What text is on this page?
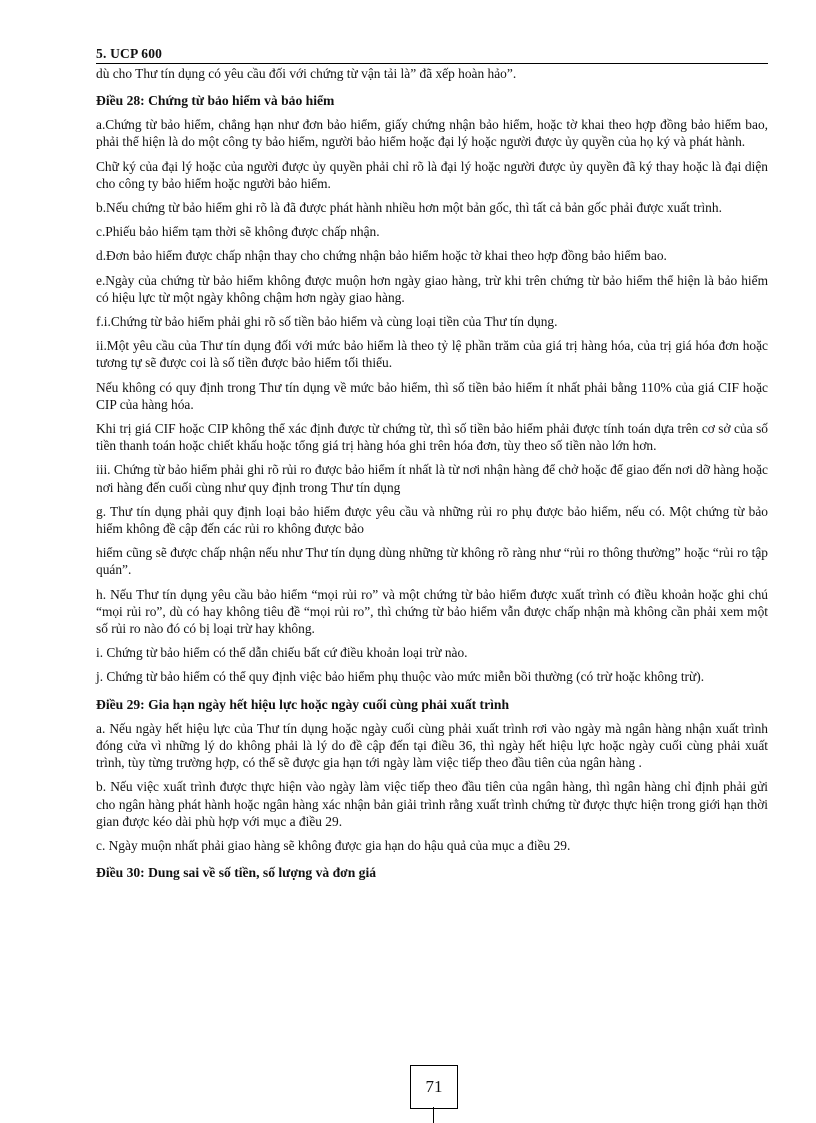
5. UCP 600

dù cho Thư tín dụng có yêu cầu đối với chứng từ vận tải là” đã xếp hoàn hảo”.

Điều 28: Chứng từ bảo hiểm và bảo hiểm

a.Chứng từ bảo hiểm, chẳng hạn như đơn bảo hiểm, giấy chứng nhận bảo hiểm, hoặc tờ khai theo hợp đồng bảo hiểm bao, phải thể hiện là do một công ty bảo hiểm, người bảo hiểm hoặc đại lý hoặc người được ủy quyền của họ ký và phát hành.

Chữ ký của đại lý hoặc của người được ủy quyền phải chỉ rõ là đại lý hoặc người được ủy quyền đã ký thay hoặc là đại diện cho công ty bảo hiểm hoặc người bảo hiểm.

b.Nếu chứng từ bảo hiểm ghi rõ là đã được phát hành nhiều hơn một bản gốc, thì tất cả bản gốc phải được xuất trình.

c.Phiếu bảo hiểm tạm thời sẽ không được chấp nhận.

d.Đơn bảo hiểm được chấp nhận thay cho chứng nhận bảo hiểm hoặc tờ khai theo hợp đồng bảo hiểm bao.

e.Ngày của chứng từ bảo hiểm không được muộn hơn ngày giao hàng, trừ khi trên chứng từ bảo hiểm thể hiện là bảo hiểm có hiệu lực từ một ngày không chậm hơn ngày giao hàng.

f.i.Chứng từ bảo hiểm phải ghi rõ số tiền bảo hiểm và cùng loại tiền của Thư tín dụng.

ii.Một yêu cầu của Thư tín dụng đối với mức bảo hiểm là theo tỷ lệ phần trăm của giá trị hàng hóa, của trị giá hóa đơn hoặc tương tự sẽ được coi là số tiền được bảo hiểm tối thiểu.

Nếu không có quy định trong Thư tín dụng về mức bảo hiểm, thì số tiền bảo hiểm ít nhất phải bằng 110% của giá CIF hoặc CIP của hàng hóa.

Khi trị giá CIF hoặc CIP không thể xác định được từ chứng từ, thì số tiền bảo hiểm phải được tính toán dựa trên cơ sở của số tiền thanh toán hoặc chiết khấu hoặc tổng giá trị hàng hóa ghi trên hóa đơn, tùy theo số tiền nào lớn hơn.

iii. Chứng từ bảo hiểm phải ghi rõ rủi ro được bảo hiểm ít nhất là từ nơi nhận hàng để chở hoặc để giao đến nơi dỡ hàng hoặc nơi hàng đến cuối cùng như quy định trong Thư tín dụng

g. Thư tín dụng phải quy định loại bảo hiểm được yêu cầu và những rủi ro phụ được bảo hiểm, nếu có. Một chứng từ bảo hiểm không đề cập đến các rủi ro không được bảo

hiểm cũng sẽ được chấp nhận nếu như Thư tín dụng dùng những từ không rõ ràng như “rủi ro thông thường” hoặc “rủi ro tập quán”.

h. Nếu Thư tín dụng yêu cầu bảo hiểm “mọi rủi ro” và một chứng từ bảo hiểm được xuất trình có điều khoản hoặc ghi chú “mọi rủi ro”, dù có hay không tiêu đề “mọi rủi ro”, thì chứng từ bảo hiểm vẫn được chấp nhận mà không cần phải xem một số rủi ro nào đó có bị loại trừ hay không.

i. Chứng từ bảo hiểm có thể dẫn chiếu bất cứ điều khoản loại trừ nào.

j. Chứng từ bảo hiểm có thể quy định việc bảo hiểm phụ thuộc vào mức miễn bồi thường (có trừ hoặc không trừ).

Điều 29: Gia hạn ngày hết hiệu lực hoặc ngày cuối cùng phải xuất trình

a. Nếu ngày hết hiệu lực của Thư tín dụng hoặc ngày cuối cùng phải xuất trình rơi vào ngày mà ngân hàng nhận xuất trình đóng cửa vì những lý do không phải là lý do đề cập đến tại điều 36, thì ngày hết hiệu lực hoặc ngày cuối cùng phải xuất trình, tùy từng trường hợp, có thể sẽ được gia hạn tới ngày làm việc tiếp theo đầu tiên của ngân hàng .

b. Nếu việc xuất trình được thực hiện vào ngày làm việc tiếp theo đầu tiên của ngân hàng, thì ngân hàng chỉ định phải gửi cho ngân hàng phát hành hoặc ngân hàng xác nhận bản giải trình rằng xuất trình chứng từ được thực hiện trong giới hạn thời gian được kéo dài phù hợp với mục a điều 29.

c. Ngày muộn nhất phải giao hàng sẽ không được gia hạn do hậu quả của mục a điều 29.

Điều 30: Dung sai về số tiền, số lượng và đơn giá
71
